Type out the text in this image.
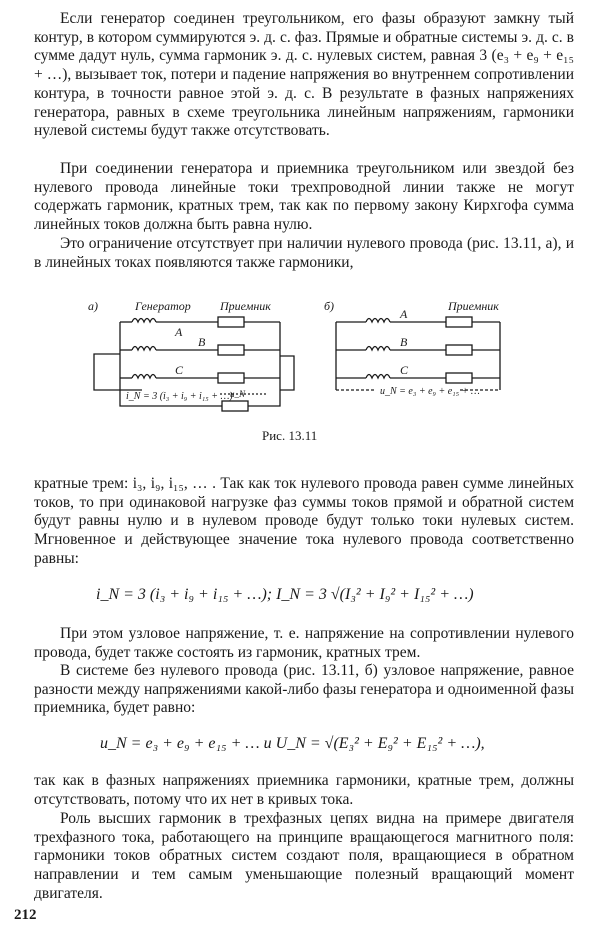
Если генератор соединен треугольником, его фазы образуют замкну тый контур, в котором суммируются э. д. с. фаз. Прямые и обратные системы э. д. с. в сумме дадут нуль, сумма гармоник э. д. с. нулевых систем, равная 3 (e₃ + e₉ + e₁₅ + …), вызывает ток, потери и падение напряжения во внутреннем сопротивлении контура, в точности равное этой э. д. с. В результате в фазных напряжениях генератора, равных в схеме треугольника линейным напряжениям, гармоники нулевой системы будут также отсутствовать.

При соединении генератора и приемника треугольником или звездой без нулевого провода линейные токи трехпроводной линии также не могут содержать гармоник, кратных трем, так как по первому закону Кирхгофа сумма линейных токов должна быть равна нулю.

Это ограничение отсутствует при наличии нулевого провода (рис. 13.11, а), и в линейных токах появляются также гармоники,

а)	Генератор Приемник
A
B
C
i_N = 3 (i₃ + i₉ + i₁₅ + …)
u_N
б)	Приемник
A
B
C
u_N = e₃ + e₉ + e₁₅ + …
Рис. 13.11

кратные трем: i₃, i₉, i₁₅, … . Так как ток нулевого провода равен сумме линейных токов, то при одинаковой нагрузке фаз суммы токов прямой и обратной систем будут равны нулю и в нулевом проводе будут только токи нулевых систем. Мгновенное и действующее значение тока нулевого провода соответственно равны:

i_N = 3 (i₃ + i₉ + i₁₅ + …); I_N = 3 √(I₃² + I₉² + I₁₅² + …)

При этом узловое напряжение, т. е. напряжение на сопротивлении нулевого провода, будет также состоять из гармоник, кратных трем.

В системе без нулевого провода (рис. 13.11, б) узловое напряжение, равное разности между напряжениями какой-либо фазы генератора и одноименной фазы приемника, будет равно:

u_N = e₃ + e₉ + e₁₅ + … и U_N = √(E₃² + E₉² + E₁₅² + …),

так как в фазных напряжениях приемника гармоники, кратные трем, должны отсутствовать, потому что их нет в кривых тока.

Роль высших гармоник в трехфазных цепях видна на примере двигателя трехфазного тока, работающего на принципе вращающегося магнитного поля: гармоники токов обратных систем создают поля, вращающиеся в обратном направлении и тем самым уменьшающие полезный вращающий момент двигателя.

212
